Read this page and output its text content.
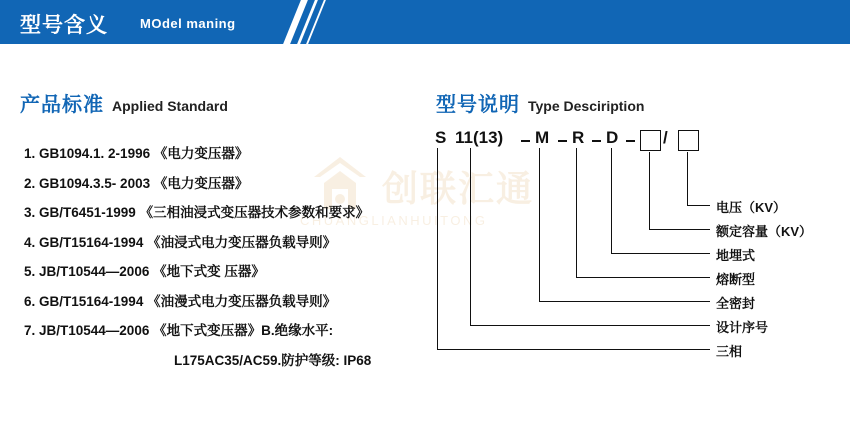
型号含义 MOdel maning
创联汇通
CHUANGLIANHUITONG
产品标准 Applied Standard
1. GB1094.1. 2-1996 《电力变压器》
2. GB1094.3.5- 2003 《电力变压器》
3. GB/T6451-1999 《三相油浸式变压器技术参数和要求》
4. GB/T15164-1994 《油浸式电力变压器负载导则》
5. JB/T10544—2006 《地下式变 压器》
6. GB/T15164-1994 《油漫式电力变压器负载导则》
7. JB/T10544—2006 《地下式变压器》B.绝缘水平:
L175AC35/AC59.防护等级: IP68
型号说明 Type Desciription
S 11(13) M R D	/
电压（KV）
额定容量（KV）
地埋式
熔断型
全密封
设计序号
三相
